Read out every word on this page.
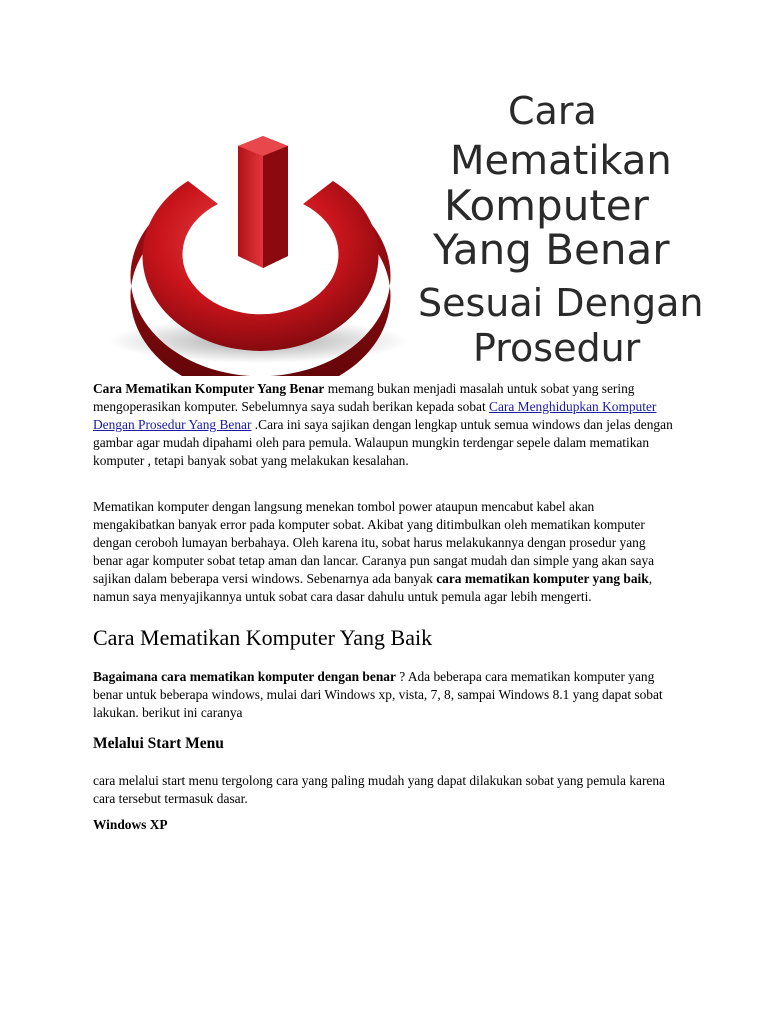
Cara
Mematikan
Komputer
Yang Benar
Sesuai Dengan
Prosedur

Cara Mematikan Komputer Yang Benar memang bukan menjadi masalah untuk sobat yang sering mengoperasikan komputer. Sebelumnya saya sudah berikan kepada sobat Cara Menghidupkan Komputer Dengan Prosedur Yang Benar .Cara ini saya sajikan dengan lengkap untuk semua windows dan jelas dengan gambar agar mudah dipahami oleh para pemula. Walaupun mungkin terdengar sepele dalam mematikan komputer , tetapi banyak sobat yang melakukan kesalahan.

Mematikan komputer dengan langsung menekan tombol power ataupun mencabut kabel akan mengakibatkan banyak error pada komputer sobat. Akibat yang ditimbulkan oleh mematikan komputer dengan ceroboh lumayan berbahaya. Oleh karena itu, sobat harus melakukannya dengan prosedur yang benar agar komputer sobat tetap aman dan lancar. Caranya pun sangat mudah dan simple yang akan saya sajikan dalam beberapa versi windows. Sebenarnya ada banyak cara mematikan komputer yang baik, namun saya menyajikannya untuk sobat cara dasar dahulu untuk pemula agar lebih mengerti.

Cara Mematikan Komputer Yang Baik

Bagaimana cara mematikan komputer dengan benar ? Ada beberapa cara mematikan komputer yang benar untuk beberapa windows, mulai dari Windows xp, vista, 7, 8, sampai Windows 8.1 yang dapat sobat lakukan. berikut ini caranya

Melalui Start Menu

cara melalui start menu tergolong cara yang paling mudah yang dapat dilakukan sobat yang pemula karena cara tersebut termasuk dasar.

Windows XP
